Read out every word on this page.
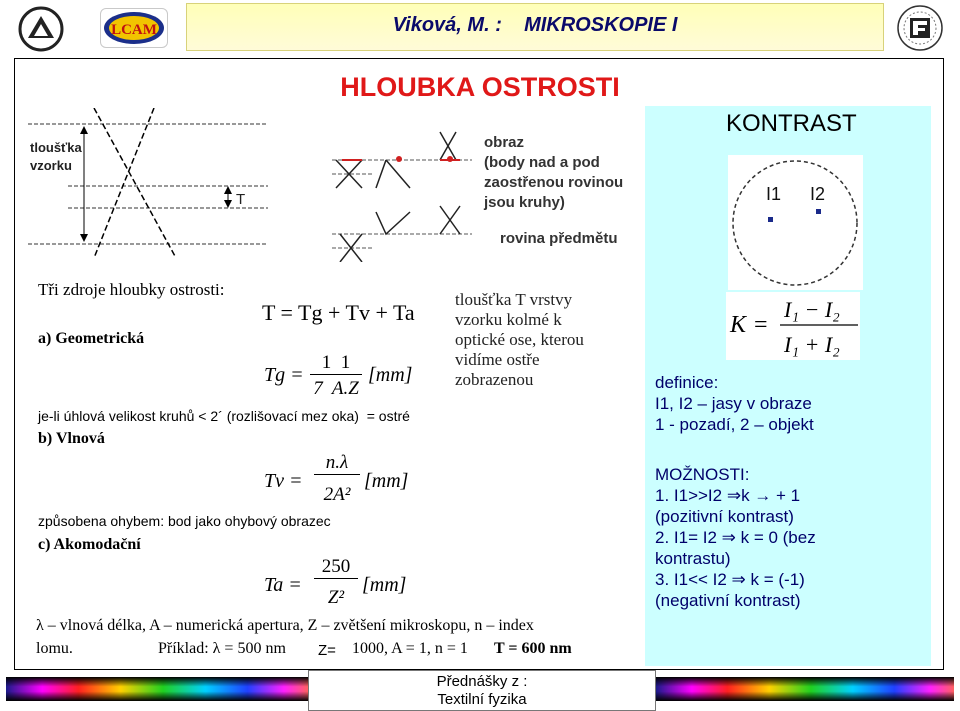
LCAM	Viková, M. :    MIKROSKOPIE I
HLOUBKA OSTROSTI
tloušťka vzorku
T
obraz
(body nad a pod
zaostřenou rovinou
jsou kruhy)
rovina předmětu
Tři zdroje hloubky ostrosti:
T = Tg + Tv + Ta
a) Geometrická
Tg =
1  1
7  A.Z
[mm]
je-li úhlová velikost kruhů < 2´ (rozlišovací mez oka)  = ostré
b) Vlnová
Tv =
n.λ
2A²
[mm]
způsobena ohybem: bod jako ohybový obrazec
c) Akomodační
Ta =
250
Z²
[mm]
λ – vlnová délka, A – numerická apertura, Z – zvětšení mikroskopu, n – index
lomu.	Příklad: λ = 500 nm Z= 1000, A = 1, n = 1 T = 600 nm
tloušťka T vrstvy
vzorku kolmé k
optické ose, kterou
vidíme ostře
zobrazenou
KONTRAST
I1 I2
K =
I₁ − I₂
I₁ + I₂
definice:
I1, I2 – jasy v obraze
1 - pozadí, 2 – objekt
MOŽNOSTI:
1. I1>>I2 ⇒k → + 1
(pozitivní kontrast)
2. I1= I2 ⇒ k = 0 (bez
kontrastu)
3. I1<< I2 ⇒ k = (-1)
(negativní kontrast)
Přednášky z :
Textilní fyzika
